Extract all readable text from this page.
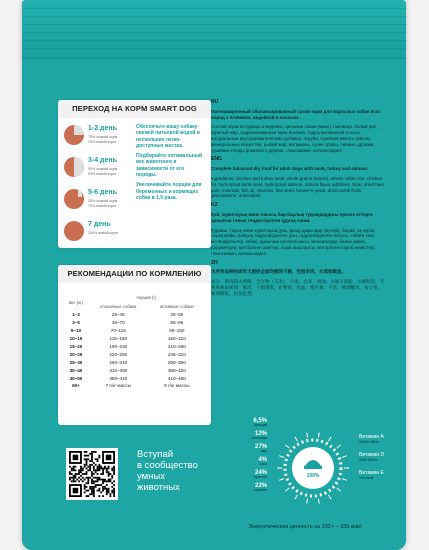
ПЕРЕХОД НА КОРМ SMART DOG
1-2 день
75% старый корм
25% новый корм
3-4 день
50% старый корм
50% новый корм
5-6 день
25% старый корм
75% новый корм
7 день
100% новый корм

Обеспечьте вашу собаку свежей питьевой водой в нескольких легко-доступных местах.

Подбирайте оптимальный вес животного в зависимости от его породы.

Увеличивайте порции для беременных и кормящих собак в 1,5 раза.

РЕКОМЕНДАЦИИ ПО КОРМЛЕНИЮ
вес (кг)	порция (г)	
	спокойные собаки	активные собаки
1–3	25–45	35–55
3–5	45–70	55–95
5–10	70–115	95–150
10–15	115–180	150–210
15–20	190–230	210–260
20–25	220–260	245–310
25–30	260–310	290–360
30–40	310–360	350–420
40–50	350–410	410–480
60+	7 г/кг массы	9 г/кг массы
RU

Полнорационный сбалансированный сухой корм для взрослых собак всех пород с ягнёнком, индейкой и лососем.

Состав: мука из курицы и индейки, цельные злаки (маис), пшеница, белый рис, куриный жир, гидролизованная мука ягнёнка, гидролизованный лосось, натуральные вкусоароматические добавки, отруби, сушёная мякоть свёклы, минеральные вещества, рыбий жир, витамины, сухие травы, пивные дрожжи, сушёные плоды рожкового дерева, глюкозамин, антиоксидант.

ENG

Complete balanced dry food for adult dogs with lamb, turkey and salmon.

Ingredients: chicken and turkey meal, whole grains (maize), wheat, white rice, chicken fat, hydrolyzed lamb meal, hydrolyzed salmon, natural flavor additives, bran, dried beet pulp, minerals, fish oil, vitamins, flax seed, brewer's yeast, dried carob fruits, glucosamine, antioxidant.

KZ

Қой, күркетауық және лосось бар барлық тұқымдардағы ересек иттерге арналған толық теңдестірілген құрғақ тағам.

Құрамы: тауық және күркетауық ұны, дәнді дақылдар (жүгері), бидай, ақ күріш, тауық майы, қойдың гидролизденген ұны, гидролизденген лосось, табиғи хош иістендіргіштер, кебек, қызылша целлюлозасы, минералдар, балық майы, дәрумендер, кептірілген шөптер, сыра ашытқысы, кептірілген кароб жемістері, глюкозамин, антиоксидант.

ZH

为所有品种的成年犬提供全面均衡的干粮，包括羊肉、火鸡和鲑鱼。

成分：鸡肉和火鸡粉，全谷物（玉米），小麦，白米，鸡油，水解羊肉粉，水解鲑鱼，天然风味添加剂，麸皮，干甜菜浆，矿物质，鱼油，维生素，干草，啤酒酵母，角豆果，葡萄糖胺，抗氧化剂。

Вступай
в сообщество
умных
животных
100%
6,5%
кальций
12%
клетчатка
27%
жир
4%
зола
24%
протеин
22%
протеин
Витамин A
16000 МЕ/кг
Витамин D
1000 МЕ/кг
Витамин E
140 мг/кг
Энергетическая ценность на 100 г – 336 ккал
